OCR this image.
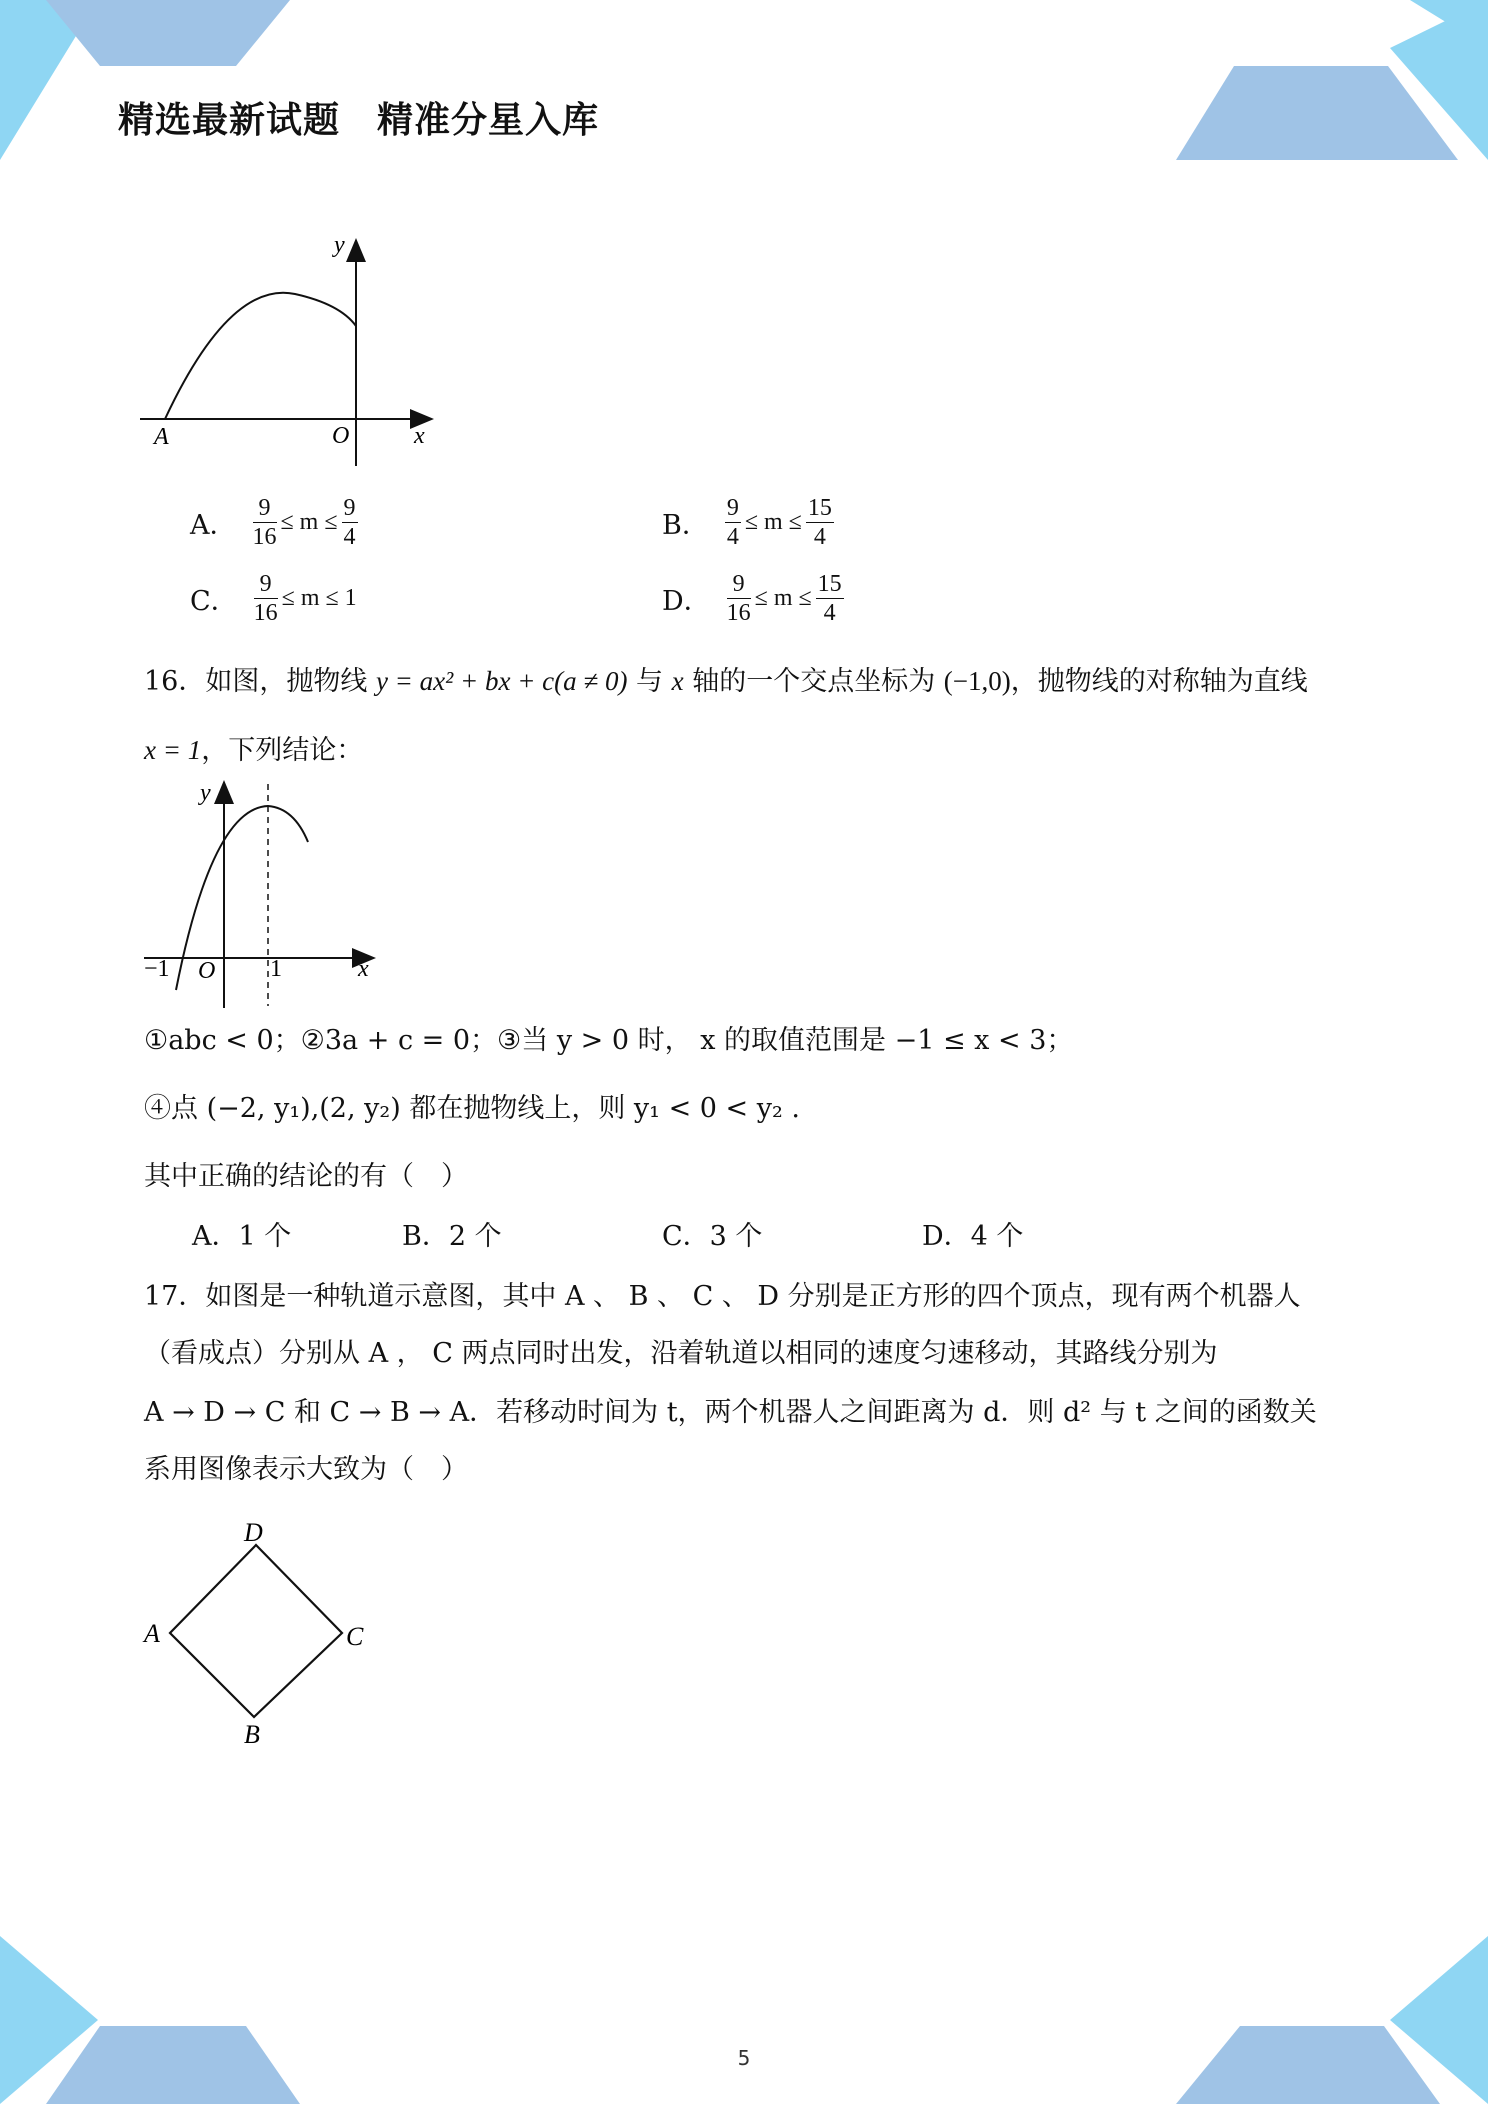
精选最新试题　精准分星入库
y
x
A	O
A． $\frac{9}{16} \le m \le \frac{9}{4}$	B． $\frac{9}{4} \le m \le \frac{15}{4}$
C． $\frac{9}{16} \le m \le 1$	D． $\frac{9}{16} \le m \le \frac{15}{4}$
16．如图，抛物线 y = ax² + bx + c(a ≠ 0) 与 x 轴的一个交点坐标为 (−1,0)，抛物线的对称轴为直线
x = 1，下列结论：
y
x
−1 O 1
①abc < 0；②3a + c = 0；③当 y > 0 时， x 的取值范围是 −1 ≤ x < 3；
④点 (−2, y₁),(2, y₂) 都在抛物线上，则 y₁ < 0 < y₂ .
其中正确的结论的有（　）
A．1 个	B．2 个	C．3 个	D．4 个
17．如图是一种轨道示意图，其中 A 、 B 、 C 、 D 分别是正方形的四个顶点，现有两个机器人
（看成点）分别从 A ， C 两点同时出发，沿着轨道以相同的速度匀速移动，其路线分别为
A → D → C 和 C → B → A．若移动时间为 t，两个机器人之间距离为 d．则 d² 与 t 之间的函数关
系用图像表示大致为（　）
D
A	C
B
5
